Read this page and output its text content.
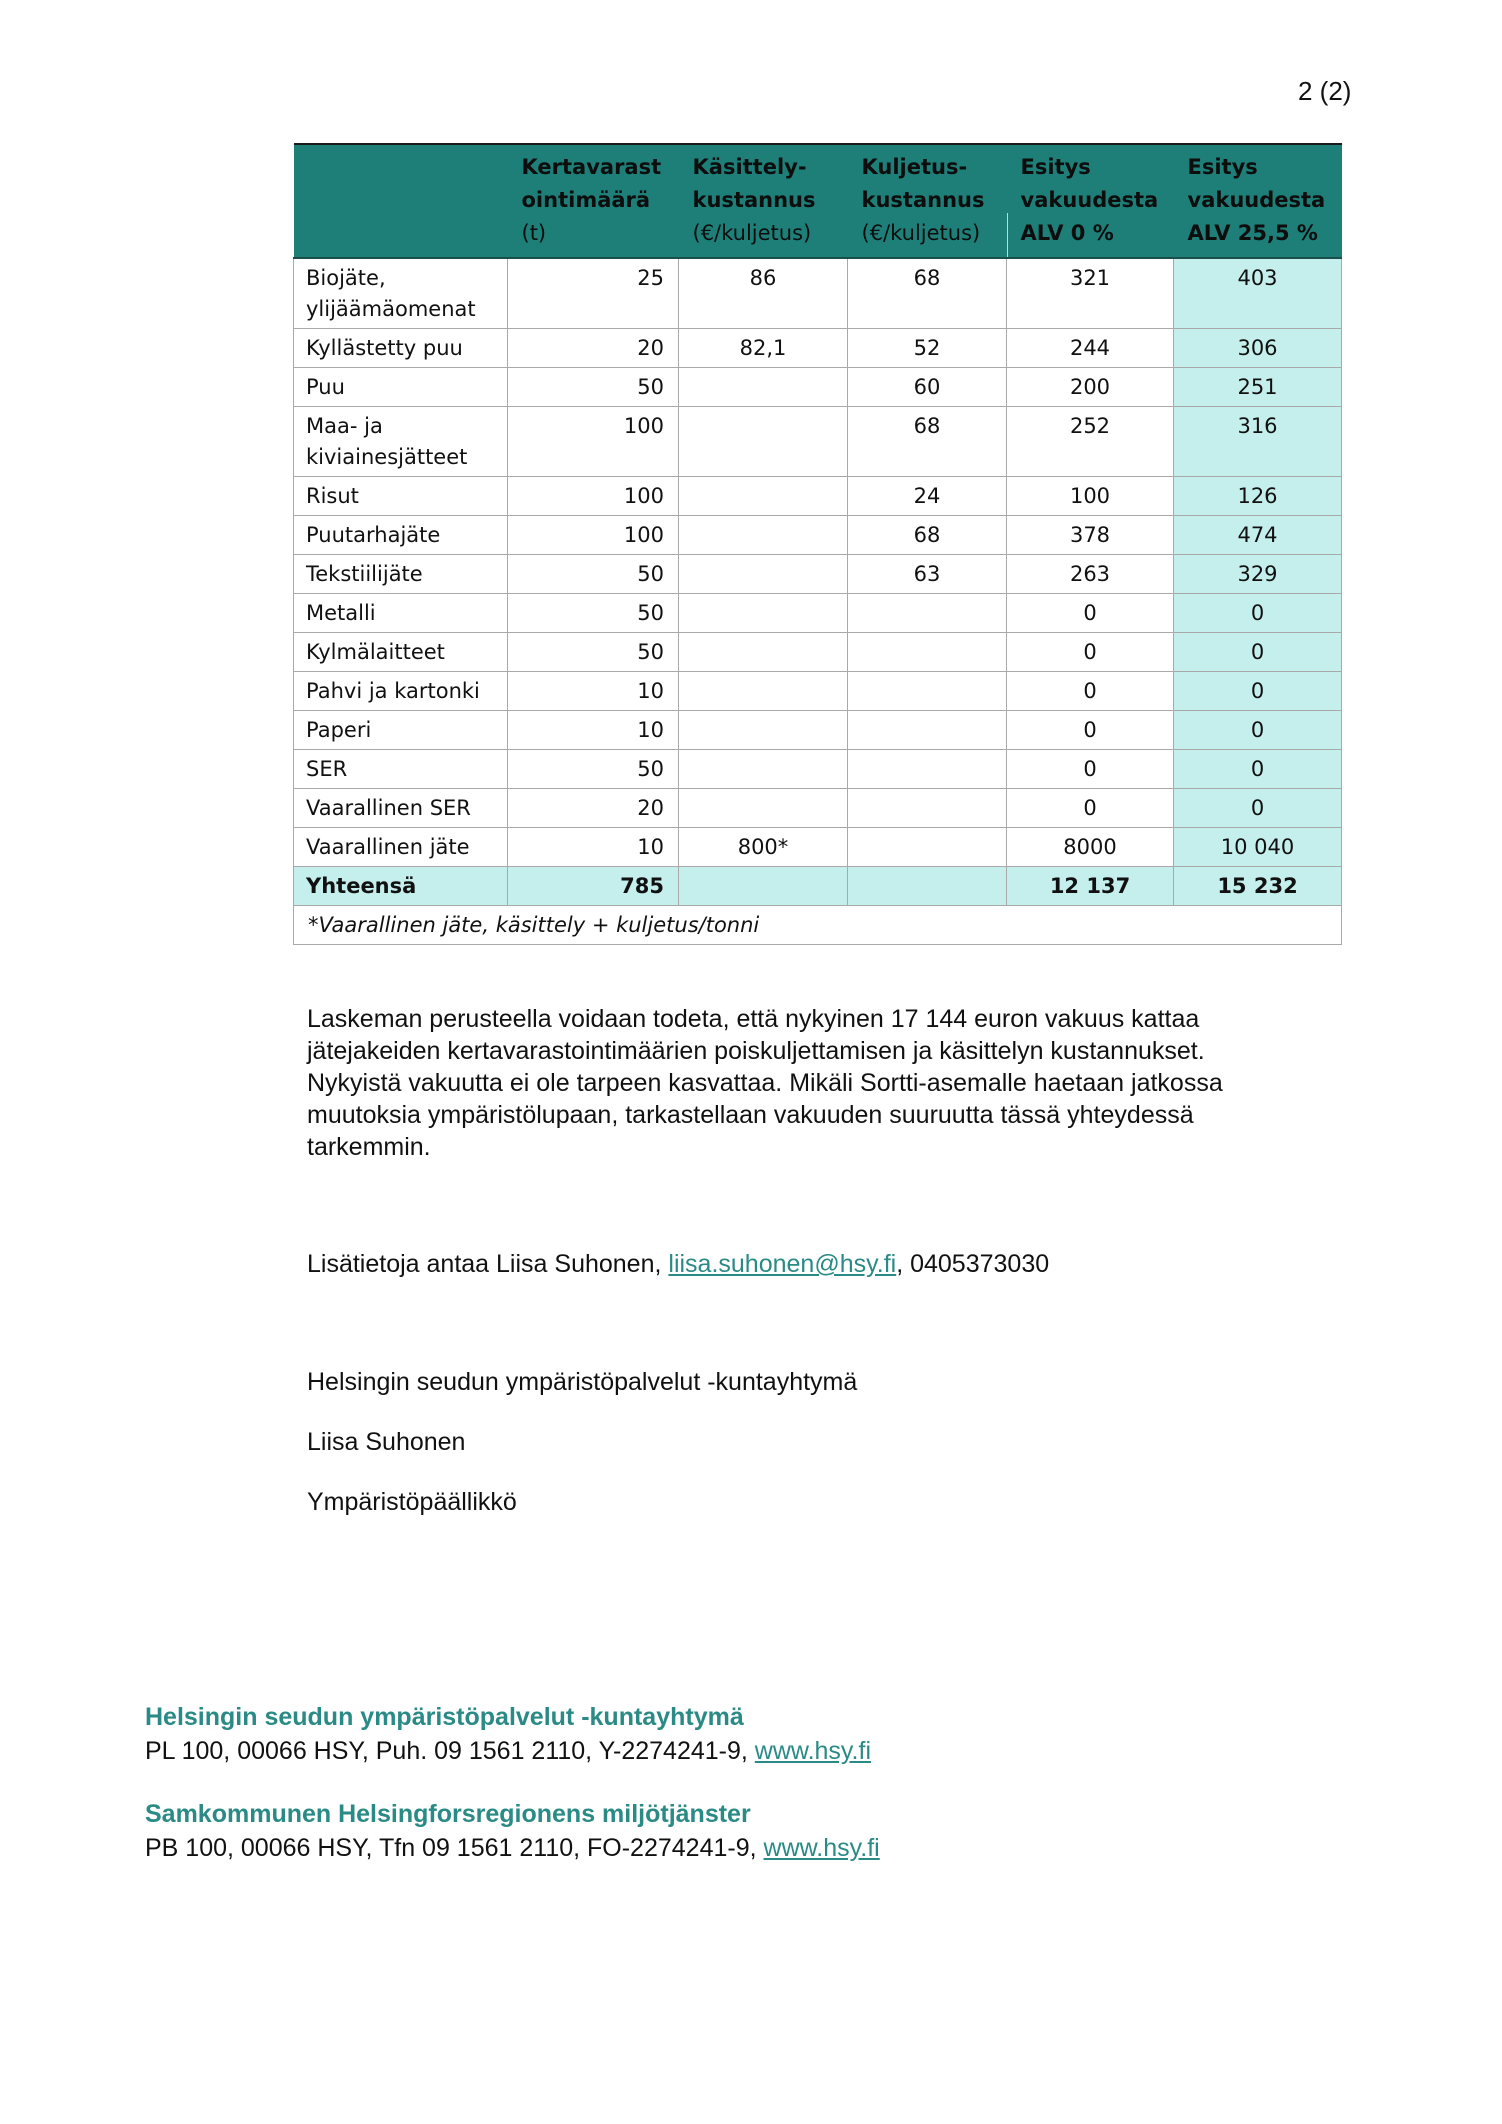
2 (2)

	Kertavarast
ointimäärä
(t)	Käsittely-
kustannus
(€/kuljetus)	Kuljetus-
kustannus
(€/kuljetus)	Esitys
vakuudesta
ALV 0 %	Esitys
vakuudesta
ALV 25,5 %

Biojäte,
ylijäämäomenat	25	86	68	321	403
Kyllästetty puu	20	82,1	52	244	306
Puu	50		60	200	251
Maa- ja
kiviainesjätteet	100		68	252	316
Risut	100		24	100	126
Puutarhajäte	100		68	378	474
Tekstiilijäte	50		63	263	329
Metalli	50			0	0
Kylmälaitteet	50			0	0
Pahvi ja kartonki	10			0	0
Paperi	10			0	0
SER	50			0	0
Vaarallinen SER	20			0	0
Vaarallinen jäte	10	800*		8000	10 040
Yhteensä	785			12 137	15 232
*Vaarallinen jäte, käsittely + kuljetus/tonni					
Laskeman perusteella voidaan todeta, että nykyinen 17 144 euron vakuus kattaa
jätejakeiden kertavarastointimäärien poiskuljettamisen ja käsittelyn kustannukset.
Nykyistä vakuutta ei ole tarpeen kasvattaa. Mikäli Sortti-asemalle haetaan jatkossa
muutoksia ympäristölupaan, tarkastellaan vakuuden suuruutta tässä yhteydessä
tarkemmin.
Lisätietoja antaa Liisa Suhonen, liisa.suhonen@hsy.fi, 0405373030
Helsingin seudun ympäristöpalvelut -kuntayhtymä
Liisa Suhonen
Ympäristöpäällikkö
Helsingin seudun ympäristöpalvelut -kuntayhtymä
PL 100, 00066 HSY, Puh. 09 1561 2110, Y-2274241-9, www.hsy.fi
Samkommunen Helsingforsregionens miljötjänster
PB 100, 00066 HSY, Tfn 09 1561 2110, FO-2274241-9, www.hsy.fi
